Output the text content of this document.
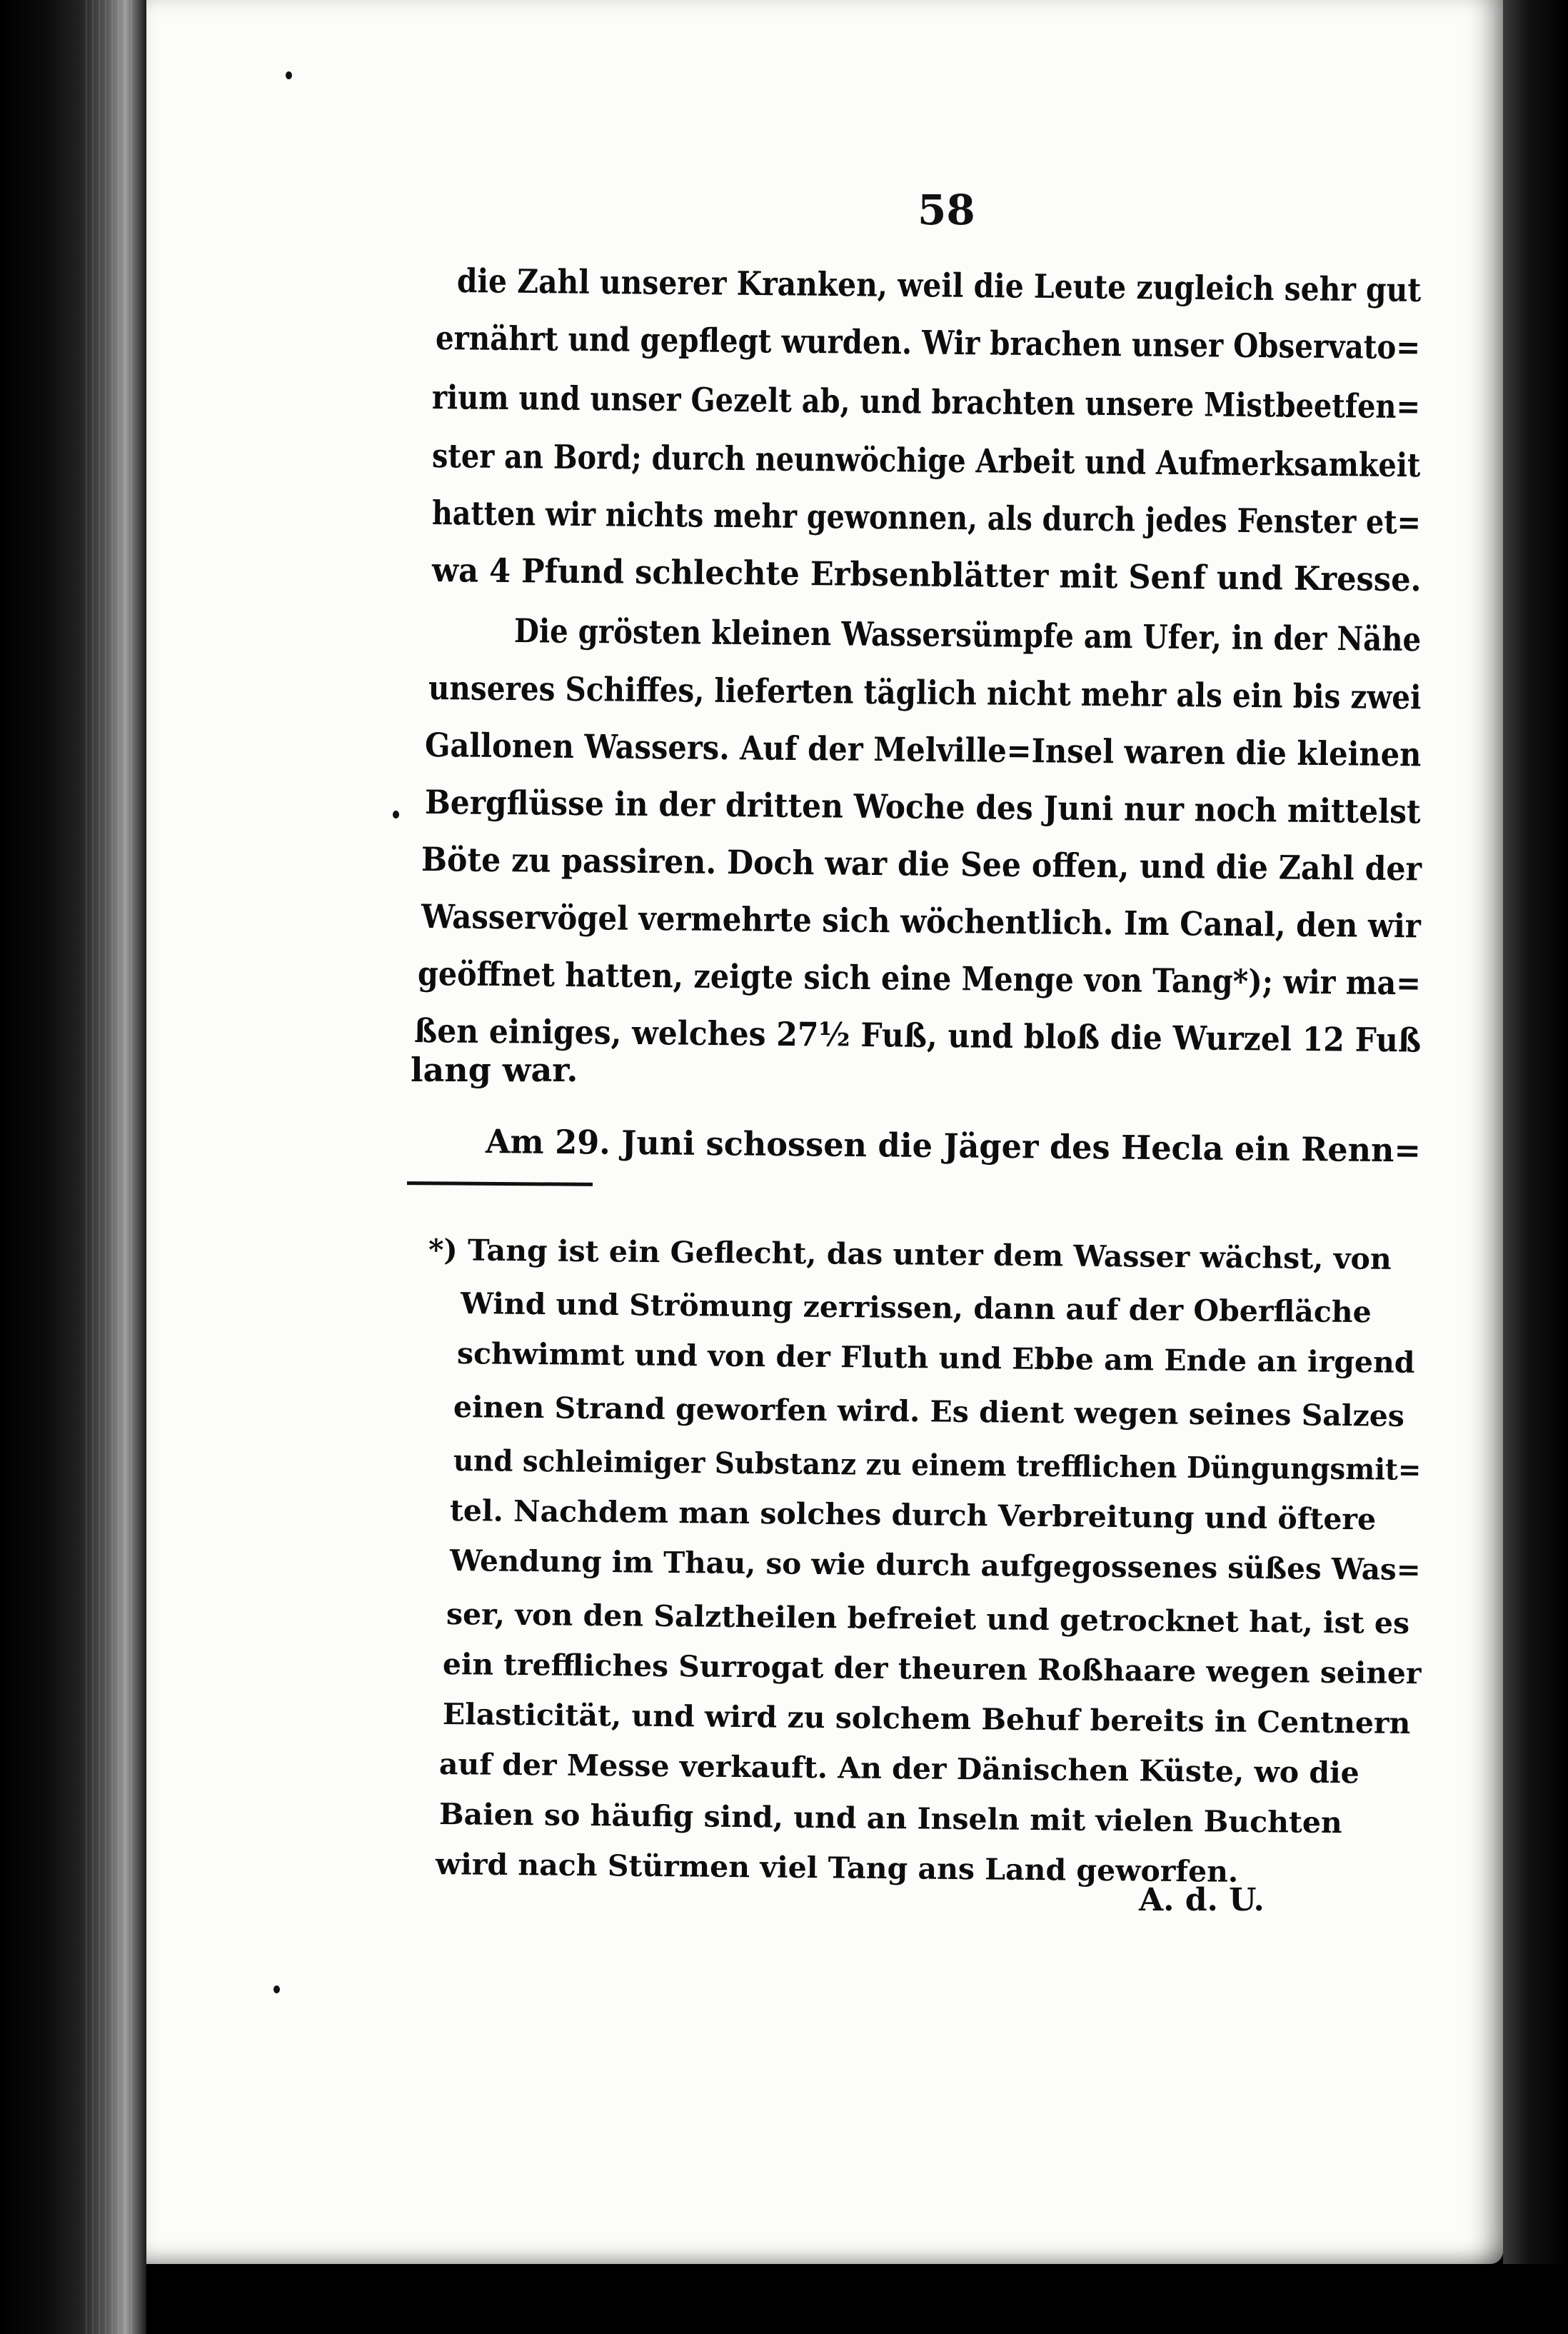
58
die Zahl unserer Kranken, weil die Leute zugleich sehr gut
ernährt und gepflegt wurden. Wir brachen unser Observato=
rium und unser Gezelt ab, und brachten unsere Mistbeetfen=
ster an Bord; durch neunwöchige Arbeit und Aufmerksamkeit
hatten wir nichts mehr gewonnen, als durch jedes Fenster et=
wa 4 Pfund schlechte Erbsenblätter mit Senf und Kresse.
Die grösten kleinen Wassersümpfe am Ufer, in der Nähe
unseres Schiffes, lieferten täglich nicht mehr als ein bis zwei
Gallonen Wassers. Auf der Melville=Insel waren die kleinen
Bergflüsse in der dritten Woche des Juni nur noch mittelst
Böte zu passiren. Doch war die See offen, und die Zahl der
Wasservögel vermehrte sich wöchentlich. Im Canal, den wir
geöffnet hatten, zeigte sich eine Menge von Tang*); wir ma=
ßen einiges, welches 27½ Fuß, und bloß die Wurzel 12 Fuß
lang war.
Am 29. Juni schossen die Jäger des Hecla ein Renn=
*) Tang ist ein Geflecht, das unter dem Wasser wächst, von
Wind und Strömung zerrissen, dann auf der Oberfläche
schwimmt und von der Fluth und Ebbe am Ende an irgend
einen Strand geworfen wird. Es dient wegen seines Salzes
und schleimiger Substanz zu einem trefflichen Düngungsmit=
tel. Nachdem man solches durch Verbreitung und öftere
Wendung im Thau, so wie durch aufgegossenes süßes Was=
ser, von den Salztheilen befreiet und getrocknet hat, ist es
ein treffliches Surrogat der theuren Roßhaare wegen seiner
Elasticität, und wird zu solchem Behuf bereits in Centnern
auf der Messe verkauft. An der Dänischen Küste, wo die
Baien so häufig sind, und an Inseln mit vielen Buchten
wird nach Stürmen viel Tang ans Land geworfen.
A. d. U.
